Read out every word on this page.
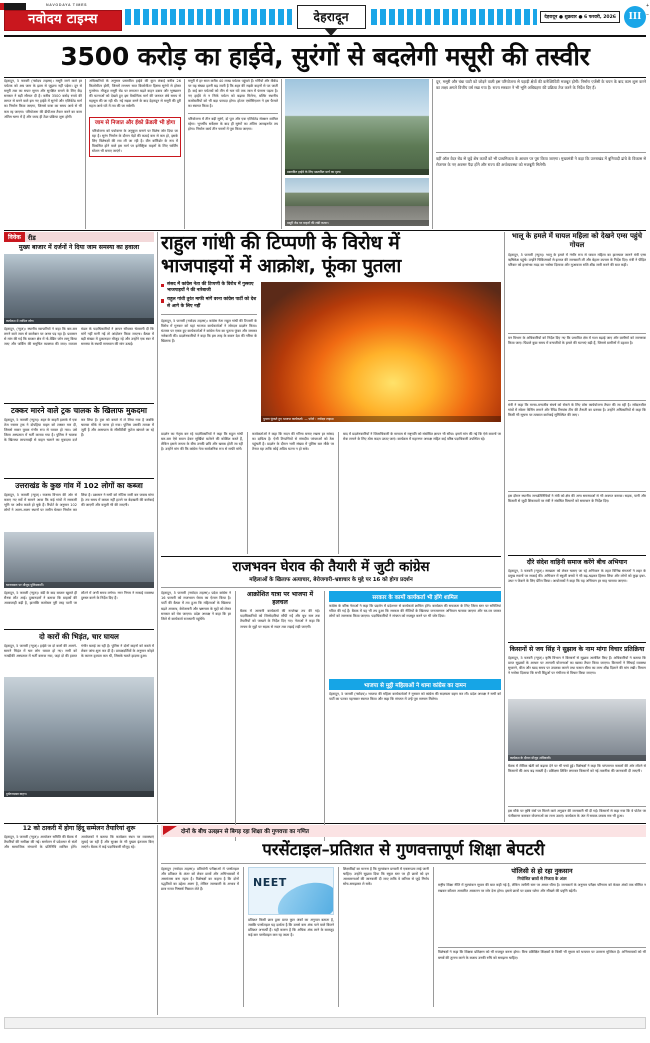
NAVODAYA TIMES
नवोदय टाइम्स	देहरादून	देहरादून ● शुक्रवार ● 6 फरवरी, 2026	III
+
−
3500 करोड़ का हाईवे, सुरंगों से बदलेगी मसूरी की तस्वीर
देहरादून, 5 फरवरी (नवोदय टाइम्स)। मसूरी जाने वाले हर पर्यटक को अब जाम के झाम से जूझना नहीं पड़ेगा। दून से मसूरी तक का सफर सुगम और सुरक्षित बनाने के लिए केंद्र सरकार ने बड़ी सौगात दी है। करीब 3500 करोड़ रुपये की लागत से बनने वाले इस नए हाईवे में सुरंगों और एलिवेटेड मार्ग का निर्माण किया जाएगा, जिससे यात्रा का समय आधे से भी कम रह जाएगा। परियोजना की डीपीआर तैयार करने का काम अंतिम चरण में है और जल्द ही टेंडर प्रक्रिया शुरू होगी।
अधिकारियों के अनुसार प्रस्तावित हाईवे की कुल लंबाई करीब 26 किलोमीटर होगी, जिसमें लगभग सात किलोमीटर हिस्सा सुरंगों से होकर गुजरेगा। मौजूदा मसूरी रोड पर लगातार बढ़ते वाहन दबाव और भूस्खलन की घटनाओं को देखते हुए इस वैकल्पिक मार्ग की जरूरत लंबे समय से महसूस की जा रही थी। नई सड़क बनने के बाद देहरादून से मसूरी की दूरी महज आधे घंटे में तय की जा सकेगी।
जाम से निजात और ईको फ्रेंडली भी होगा
परियोजना को पर्यावरण के अनुकूल बनाने पर विशेष जोर दिया जा रहा है। सुरंग निर्माण के दौरान पेड़ों की कटाई कम से कम हो, इसके लिए विशेषज्ञों की राय ली जा रही है। ग्रीन कॉरिडोर के रूप में विकसित होने वाले इस मार्ग पर इलेक्ट्रिक वाहनों के लिए चार्जिंग स्टेशन भी बनाए जाएंगे।
मसूरी में हर साल करीब 40 लाख पर्यटक पहुंचते हैं। गर्मियों और वीकेंड पर यह संख्या इतनी बढ़ जाती है कि शहर की सड़कें वाहनों से पट जाती हैं। कई बार पर्यटकों को तीन से चार घंटे तक जाम में फंसना पड़ता है। नए हाईवे से न सिर्फ पर्यटन को बढ़ावा मिलेगा, बल्कि स्थानीय कारोबारियों को भी बड़ा फायदा होगा। होटल एसोसिएशन ने इस फैसले का स्वागत किया है।
परियोजना में तीन बड़ी सुरंगें, दो पुल और एक एलिवेटेड सेक्शन शामिल रहेगा। भूगर्भीय सर्वेक्षण के बाद ही सुरंगों का अंतिम अलाइनमेंट तय होगा। निर्माण कार्य तीन चरणों में पूरा किया जाएगा।
प्रस्तावित हाईवे के लिए प्रस्तावित मार्ग का दृश्य।
मसूरी रोड पर वाहनों की लंबी कतार।
दून, मसूरी और चंबा घाटी को जोड़ने वाली इस परियोजना से पहाड़ी क्षेत्रों की कनेक्टिविटी मजबूत होगी। निर्माण एजेंसी के चयन के बाद काम शुरू करने का लक्ष्य अगले वित्तीय वर्ष रखा गया है। राज्य सरकार ने भी भूमि अधिग्रहण की प्रक्रिया तेज करने के निर्देश दिए हैं।
वहीं ऑल वेदर रोड से जुड़े शेष कार्यों को भी प्राथमिकता के आधार पर पूरा किया जाएगा। मुख्यमंत्री ने कहा कि उत्तराखंड में बुनियादी ढांचे के विकास से रोजगार के नए अवसर पैदा होंगे और राज्य की अर्थव्यवस्था को मजबूती मिलेगी।
विवेक	रीड
मुख्य बाजार में दर्जनों ने दिया जाम समस्या का हवाला
कार्यक्रम में शामिल लोग।
देहरादून, (न्यूज)। स्थानीय व्यापारियों ने कहा कि बार-बार लगने वाले जाम से कारोबार पर असर पड़ रहा है। प्रशासन से मांग की गई कि बाजार क्षेत्र में नो-वेंडिंग जोन लागू किया जाए और पार्किंग की समुचित व्यवस्था की जाए। व्यापार मंडल के पदाधिकारियों ने ज्ञापन सौंपकर चेतावनी दी कि मांगें नहीं मानी गईं तो आंदोलन किया जाएगा। बैठक में बड़ी संख्या में दुकानदार मौजूद रहे और उन्होंने एक स्वर में समस्या के स्थायी समाधान की मांग उठाई।
टक्कर मारने वाले ट्रक चालक के खिलाफ मुकदमा
देहरादून, 5 फरवरी (न्यूज)। शहर के बाहरी इलाके में एक तेज रफ्तार ट्रक ने दोपहिया वाहन को टक्कर मार दी, जिससे सवार युवक गंभीर रूप से घायल हो गया। उसे जिला अस्पताल में भर्ती कराया गया है। पुलिस ने चालक के खिलाफ लापरवाही से वाहन चलाने का मुकदमा दर्ज कर लिया है। ट्रक को कब्जे में ले लिया गया है जबकि चालक मौके से फरार हो गया। पुलिस उसकी तलाश में जुटी है और आसपास के सीसीटीवी फुटेज खंगाले जा रहे हैं।
उत्तराखंड के कुछ गांव में 102 लोगों का कब्जा
देहरादून, 5 फरवरी (न्यूज)। राजस्व विभाग की ओर से कराए गए सर्वे में सामने आया कि कई गांवों में सरकारी भूमि पर अवैध कब्जे हो चुके हैं। रिपोर्ट के अनुसार 102 लोगों ने अलग-अलग स्थानों पर जमीन घेरकर निर्माण कर लिया है। प्रशासन ने सभी को नोटिस जारी कर जवाब मांगा है। तय समय में कब्जा नहीं हटाने पर बेदखली की कार्रवाई की जाएगी और वसूली भी की जाएगी।
घटनास्थल पर मौजूद पुलिसकर्मी।
देहरादून, 5 फरवरी (न्यूज)। बंदी के बाद बाजार खुलते ही रौनक लौट आई। दुकानदारों ने बताया कि ग्राहकों की आवाजाही बढ़ी है, हालांकि कारोबार पूरी तरह पटरी पर लौटने में अभी समय लगेगा। नगर निगम ने सफाई व्यवस्था दुरुस्त करने के निर्देश दिए हैं।
दो कारों की भिड़ंत, चार घायल
देहरादून, 5 फरवरी (न्यूज)। हाईवे पर दो कारों की आमने-सामने भिड़ंत में चार लोग घायल हो गए। सभी को नजदीकी अस्पताल में भर्ती कराया गया, जहां दो की हालत गंभीर बताई जा रही है। पुलिस ने दोनों वाहनों को कब्जे में लेकर जांच शुरू कर दी है। प्रत्यक्षदर्शियों के अनुसार कोहरे के कारण दृश्यता कम थी, जिसके चलते हादसा हुआ।
दुर्घटनाग्रस्त वाहन।
राहुल गांधी की टिप्पणी के विरोध में
भाजपाइयों में आक्रोश, फूंका पुतला
संसद में कांग्रेस नेता की टिप्पणी के विरोध में गुस्साए भाजपाइयों ने की नारेबाजी
राहुल गांधी तुरंत माफी मांगें वरना कांग्रेस पार्टी को देश से आगे के लिए नहीं
देहरादून, 5 फरवरी (नवोदय टाइम्स)। कांग्रेस नेता राहुल गांधी की टिप्पणी के विरोध में गुरुवार को यहां भाजपा कार्यकर्ताओं ने जोरदार प्रदर्शन किया। घंटाघर पर एकत्र हुए कार्यकर्ताओं ने कांग्रेस नेता का पुतला फूंका और जमकर नारेबाजी की। प्रदर्शनकारियों ने कहा कि इस तरह के बयान देश की गरिमा के खिलाफ हैं।
पुतला फूंकते हुए भाजपा कार्यकर्ता। — फोटो : नवोदय टाइम्स
प्रदर्शन का नेतृत्व कर रहे पदाधिकारियों ने कहा कि राहुल गांधी बार-बार ऐसे बयान देकर सुर्खियां बटोरने की कोशिश करते हैं, लेकिन इससे जनता के बीच उनकी छवि और खराब होती जा रही है। उन्होंने मांग की कि कांग्रेस नेता सार्वजनिक रूप से माफी मांगें।
कार्यकर्ताओं ने कहा कि सदन की गरिमा बनाए रखना हर सांसद का दायित्व है। ऐसी टिप्पणियों से संसदीय परंपराओं को ठेस पहुंचती है। प्रदर्शन के दौरान भारी संख्या में पुलिस बल मौके पर तैनात रहा ताकि कोई अप्रिय घटना न हो सके।
बाद में प्रदर्शनकारियों ने जिलाधिकारी के माध्यम से राष्ट्रपति को संबोधित ज्ञापन भी सौंपा। इसमें मांग की गई कि ऐसे बयानों पर रोक लगाने के लिए ठोस कदम उठाए जाएं। कार्यक्रम में महानगर अध्यक्ष सहित कई वरिष्ठ पदाधिकारी उपस्थित रहे।
राजभवन घेराव की तैयारी में जुटी कांग्रेस
महिलाओं के खिलाफ अत्याचार, बेरोजगारी–भ्रष्टाचार के मुद्दे पर 16 को होगा प्रदर्शन
देहरादून, 5 फरवरी (नवोदय टाइम्स)। प्रदेश कांग्रेस ने 16 फरवरी को राजभवन घेराव का ऐलान किया है। पार्टी की बैठक में तय हुआ कि महिलाओं के खिलाफ बढ़ते अपराध, बेरोजगारी और भ्रष्टाचार के मुद्दों को लेकर सरकार को घेरा जाएगा। प्रदेश अध्यक्ष ने कहा कि हर जिले से कार्यकर्ता राजधानी पहुंचेंगे।
आक्रोशित यात्रा पर भाजपा में हलचल
बैठक में आगामी कार्यक्रमों की रूपरेखा तय की गई। पदाधिकारियों को जिम्मेदारियां सौंपी गईं और बूथ स्तर तक तैयारियों को परखने के निर्देश दिए गए। नेताओं ने कहा कि जनता के मुद्दों पर सड़क से सदन तक लड़ाई लड़ी जाएगी।
सरकार के कामों कार्यकर्ता भी होंगे शामिल
कांग्रेस के वरिष्ठ नेताओं ने कहा कि प्रदर्शन में प्रदेशभर से कार्यकर्ता शामिल होंगे। कार्यक्रम की सफलता के लिए जिला स्तर पर समितियां गठित की गई हैं। बैठक में यह भी तय हुआ कि सरकार की नीतियों के खिलाफ जनजागरण अभियान चलाया जाएगा और घर-घर जाकर लोगों को जागरूक किया जाएगा। पदाधिकारियों ने संगठन को मजबूत करने पर भी जोर दिया।
भाजपा से मुट्ठी महिलाओं ने थामा कांग्रेस का दामन
देहरादून, 5 फरवरी (नवोदय)। भाजपा की महिला कार्यकर्ताओं ने गुरुवार को कांग्रेस की सदस्यता ग्रहण कर ली। प्रदेश अध्यक्ष ने सभी को पार्टी का पटका पहनाकर स्वागत किया और कहा कि संगठन में उन्हें पूरा सम्मान मिलेगा।
भालू के हमले में घायल महिला को देखने एम्स पहुंचे गोयल
देहरादून, 5 फरवरी (न्यूज)। भालू के हमले में गंभीर रूप से घायल महिला का हालचाल जानने मंत्री एम्स ऋषिकेश पहुंचे। उन्होंने चिकित्सकों से इलाज की जानकारी ली और बेहतर उपचार के निर्देश दिए। मंत्री ने पीड़ित परिवार को हरसंभव मदद का भरोसा दिलाया और मुआवजा राशि शीघ्र जारी करने की बात कही।
वन विभाग के अधिकारियों को निर्देश दिए गए कि प्रभावित क्षेत्र में गश्त बढ़ाई जाए और ग्रामीणों को जागरूक किया जाए। पिछले कुछ समय में वन्यजीवों के हमले की घटनाएं बढ़ी हैं, जिससे ग्रामीणों में दहशत है।
मंत्री ने कहा कि मानव-वन्यजीव संघर्ष को रोकने के लिए ठोस कार्ययोजना तैयार की जा रही है। संवेदनशील गांवों में सोलर फेंसिंग लगाने और रैपिड रिस्पांस टीम की तैनाती का प्रस्ताव है। उन्होंने अधिकारियों से कहा कि किसी भी सूचना पर तत्काल कार्रवाई सुनिश्चित की जाए।
इस दौरान स्थानीय जनप्रतिनिधियों ने मंत्री को क्षेत्र की अन्य समस्याओं से भी अवगत कराया। सड़क, पानी और बिजली से जुड़ी शिकायतों पर मंत्री ने संबंधित विभागों को समाधान के निर्देश दिए।
दौरे संदेश वाहिनी समाज करेंगे बीच अभियान
देहरादून, 5 फरवरी (न्यूज)। स्वच्छता को लेकर चलाए जा रहे अभियान के तहत विभिन्न संगठनों ने शहर के प्रमुख स्थानों पर सफाई की। अभियान में स्कूली बच्चों ने भी बढ़-चढ़कर हिस्सा लिया और लोगों को कूड़ा इधर-उधर न फेंकने के लिए प्रेरित किया। आयोजकों ने कहा कि यह अभियान हर माह चलाया जाएगा।
किसानों से जय सिंह ने सुझाव के नाम मांगा विचार प्रतिक्रिया
देहरादून, 5 फरवरी (न्यूज)। कृषि विभाग ने किसानों से सुझाव आमंत्रित किए हैं। अधिकारियों ने बताया कि प्राप्त सुझावों के आधार पर आगामी योजनाओं का खाका तैयार किया जाएगा। किसानों ने सिंचाई व्यवस्था सुधारने, बीज और खाद समय पर उपलब्ध कराने तथा फसल बीमा का लाभ शीघ्र दिलाने की मांग रखी। विभाग ने भरोसा दिलाया कि सभी बिंदुओं पर गंभीरता से विचार किया जाएगा।
कार्यक्रम के दौरान मौजूद अधिकारी।
बैठक में जैविक खेती को बढ़ावा देने पर भी चर्चा हुई। विशेषज्ञों ने कहा कि परंपरागत फसलों की ओर लौटने से किसानों की आय बढ़ सकती है। प्रशिक्षण शिविर लगाकर किसानों को नई तकनीक की जानकारी दी जाएगी।
इस मौके पर कृषि यंत्रों पर मिलने वाले अनुदान की जानकारी भी दी गई। किसानों से कहा गया कि वे पोर्टल पर पंजीकरण कराकर योजनाओं का लाभ उठाएं। कार्यक्रम के अंत में सवाल-जवाब सत्र भी हुआ।
12 को ठाकरी में होगा हिंदू सम्मेलन तैयारियां शुरू
देहरादून, 5 फरवरी (न्यूज)। आयोजन समिति की बैठक में तैयारियों की समीक्षा की गई। सम्मेलन में प्रदेशभर से संतों और सामाजिक संगठनों के प्रतिनिधि शामिल होंगे। आयोजकों ने बताया कि कार्यक्रम स्थल पर व्यवस्थाएं जुटाई जा रही हैं और सुरक्षा के भी पुख्ता इंतजाम किए जाएंगे। बैठक में कई पदाधिकारी मौजूद रहे।
दोनों के बीच उलझन से बिगड़ रहा शिक्षा की गुणवत्ता का गणित
परसेंटाइल–प्रतिशत से गुणवत्तापूर्ण शिक्षा बेपटरी
देहरादून (नवोदय टाइम्स)। प्रतियोगी परीक्षाओं में परसेंटाइल और प्रतिशत के अंतर को लेकर छात्रों और अभिभावकों में असमंजस बना रहता है। विशेषज्ञों का कहना है कि दोनों पद्धतियों का उद्देश्य अलग है, लेकिन जानकारी के अभाव में छात्र गलत निष्कर्ष निकाल लेते हैं।
NEET
प्रतिशत किसी छात्र द्वारा प्राप्त कुल अंकों का अनुपात बताता है, जबकि परसेंटाइल यह दर्शाता है कि उससे कम अंक पाने वाले कितने प्रतिशत अभ्यर्थी हैं। यही कारण है कि अधिक अंक लाने के बावजूद कई बार परसेंटाइल कम रह जाता है।
शिक्षाविदों का मानना है कि मूल्यांकन प्रणाली में एकरूपता लाई जानी चाहिए। उन्होंने सुझाव दिया कि स्कूल स्तर पर ही छात्रों को इन अवधारणाओं की जानकारी दी जाए ताकि वे करियर से जुड़े निर्णय सोच-समझकर ले सकें।
पॉलिसी से हो रहा नुकसान
नियोजित छात्रों से निजता के अंतर
राष्ट्रीय शिक्षा नीति में मूल्यांकन सुधार की बात कही गई है, लेकिन जमीनी स्तर पर अमल धीमा है। जानकारों के अनुसार परीक्षा परिणाम को केवल अंकों तक सीमित न रखकर कौशल आधारित आकलन पर जोर देना होगा। इससे छात्रों पर दबाव घटेगा और सीखने की प्रवृत्ति बढ़ेगी।
विशेषज्ञों ने कहा कि शिक्षक प्रशिक्षण को भी मजबूत करना होगा। बिना प्रशिक्षित शिक्षकों के किसी भी सुधार को धरातल पर उतारना मुश्किल है। अभिभावकों को भी बच्चों की तुलना करने के बजाय उनकी रुचि को समझना चाहिए।
